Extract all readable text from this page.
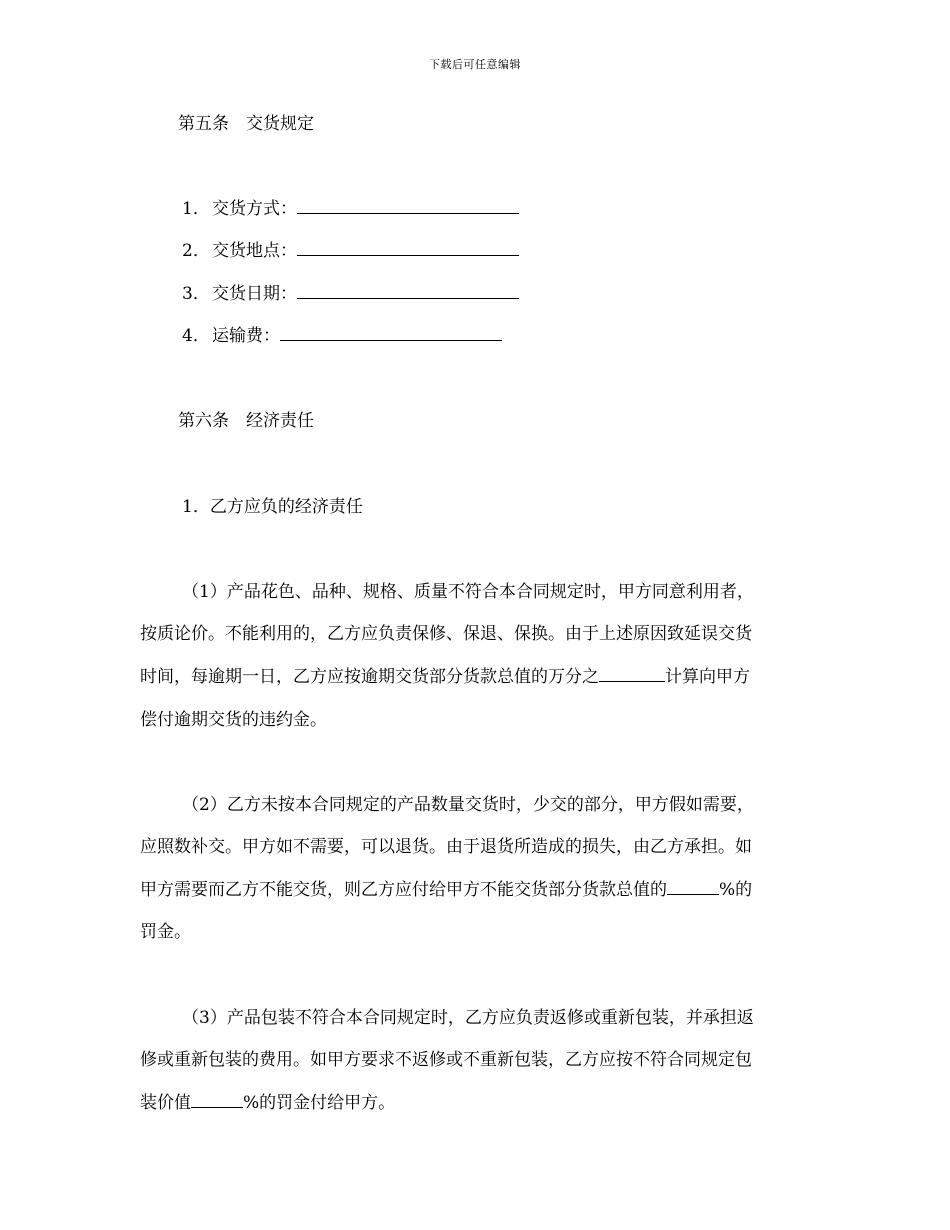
下载后可任意编辑
第五条　交货规定
1． 交货方式：
2． 交货地点：
3． 交货日期：
4． 运输费：
第六条　经济责任
1．乙方应负的经济责任
（1）产品花色、品种、规格、质量不符合本合同规定时，甲方同意利用者，
按质论价。不能利用的，乙方应负责保修、保退、保换。由于上述原因致延误交货
时间，每逾期一日，乙方应按逾期交货部分货款总值的万分之	计算向甲方
偿付逾期交货的违约金。
（2）乙方未按本合同规定的产品数量交货时，少交的部分，甲方假如需要，
应照数补交。甲方如不需要，可以退货。由于退货所造成的损失，由乙方承担。如
甲方需要而乙方不能交货，则乙方应付给甲方不能交货部分货款总值的	%的
罚金。
（3）产品包装不符合本合同规定时，乙方应负责返修或重新包装，并承担返
修或重新包装的费用。如甲方要求不返修或不重新包装，乙方应按不符合同规定包
装价值	%的罚金付给甲方。
